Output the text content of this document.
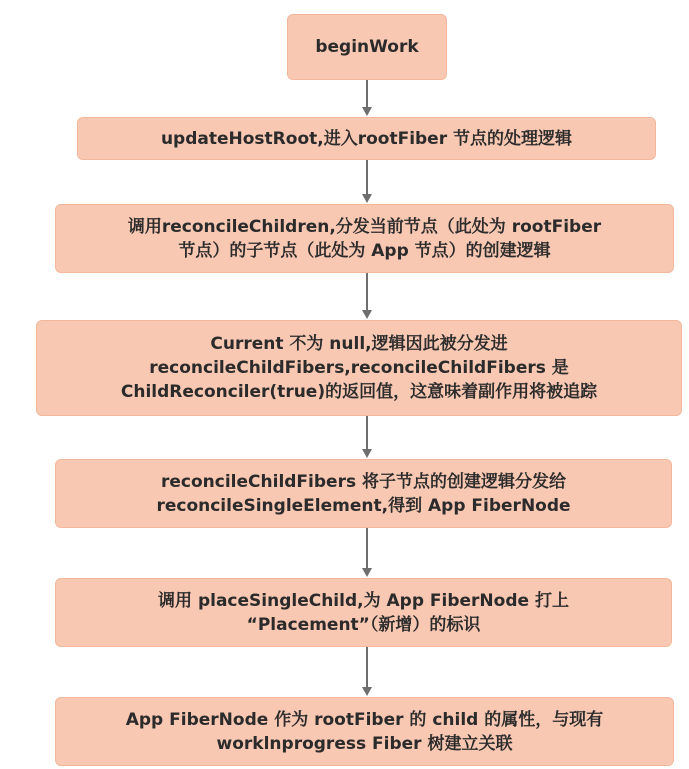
beginWork
updateHostRoot,进入rootFiber 节点的处理逻辑
调用reconcileChildren,分发当前节点（此处为 rootFiber
节点）的子节点（此处为 App 节点）的创建逻辑
Current 不为 null,逻辑因此被分发进
reconcileChildFibers,reconcileChildFibers 是
ChildReconciler(true)的返回值，这意味着副作用将被追踪
reconcileChildFibers 将子节点的创建逻辑分发给
reconcileSingleElement,得到 App FiberNode
调用 placeSingleChild,为 App FiberNode 打上
“Placement”（新增）的标识
App FiberNode 作为 rootFiber 的 child 的属性，与现有
worklnprogress Fiber 树建立关联
